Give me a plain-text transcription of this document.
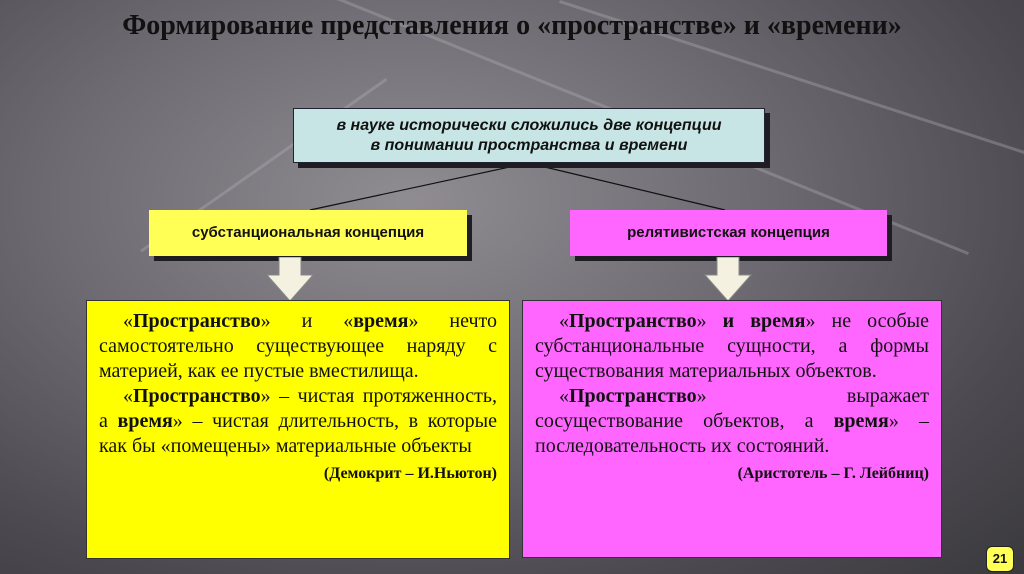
Формирование представления о «пространстве» и «времени»
в науке исторически сложились две концепции
в понимании пространства и времени
субстанциональная концепция	релятивистская концепция

«Пространство» и «время» нечто самостоятельно существующее наряду с материей, как ее пустые вместилища.

«Пространство» – чистая протяженность, а время» – чистая длительность, в которые как бы «помещены» материальные объекты

(Демокрит – И.Ньютон)

«Пространство» и время» не особые субстанциональные сущности, а формы существования материальных объектов.

«Пространство» выражает сосуществование объектов, а время» – последовательность их состояний.

(Аристотель – Г. Лейбниц)
21
